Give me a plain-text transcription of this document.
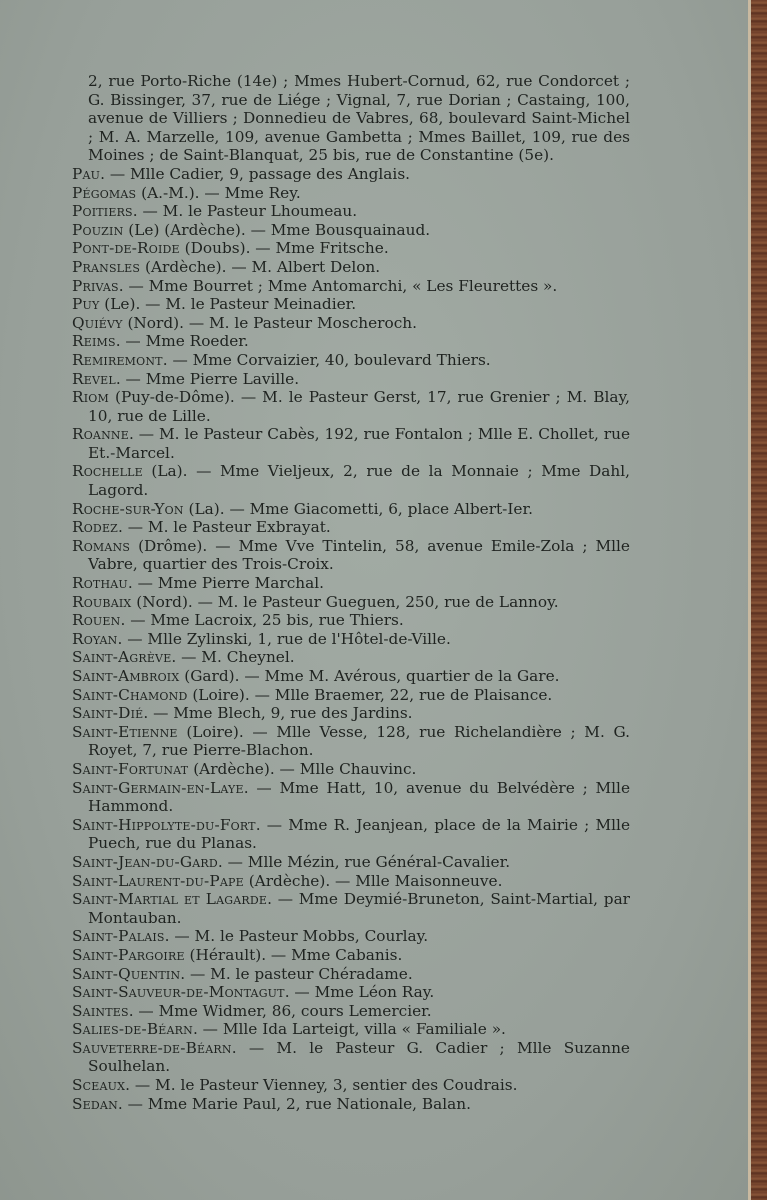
2, rue Porto-Riche (14e) ; Mmes Hubert-Cornud, 62, rue Condorcet ; G. Bissinger, 37, rue de Liége ; Vignal, 7, rue Dorian ; Castaing, 100, avenue de Villiers ; Donnedieu de Vabres, 68, boulevard Saint-Michel ; M. A. Marzelle, 109, avenue Gambetta ; Mmes Baillet, 109, rue des Moines ; de Saint-Blanquat, 25 bis, rue de Constantine (5e).
Pau. — Mlle Cadier, 9, passage des Anglais.
Pégomas (A.-M.). — Mme Rey.
Poitiers. — M. le Pasteur Lhoumeau.
Pouzin (Le) (Ardèche). — Mme Bousquainaud.
Pont-de-Roide (Doubs). — Mme Fritsche.
Pransles (Ardèche). — M. Albert Delon.
Privas. — Mme Bourret ; Mme Antomarchi, « Les Fleurettes ».
Puy (Le). — M. le Pasteur Meinadier.
Quiévy (Nord). — M. le Pasteur Moscheroch.
Reims. — Mme Roeder.
Remiremont. — Mme Corvaizier, 40, boulevard Thiers.
Revel. — Mme Pierre Laville.
Riom (Puy-de-Dôme). — M. le Pasteur Gerst, 17, rue Grenier ; M. Blay, 10, rue de Lille.
Roanne. — M. le Pasteur Cabès, 192, rue Fontalon ; Mlle E. Chollet, rue Et.-Marcel.
Rochelle (La). — Mme Vieljeux, 2, rue de la Monnaie ; Mme Dahl, Lagord.
Roche-sur-Yon (La). — Mme Giacometti, 6, place Albert-Ier.
Rodez. — M. le Pasteur Exbrayat.
Romans (Drôme). — Mme Vve Tintelin, 58, avenue Emile-Zola ; Mlle Vabre, quartier des Trois-Croix.
Rothau. — Mme Pierre Marchal.
Roubaix (Nord). — M. le Pasteur Gueguen, 250, rue de Lannoy.
Rouen. — Mme Lacroix, 25 bis, rue Thiers.
Royan. — Mlle Zylinski, 1, rue de l'Hôtel-de-Ville.
Saint-Agrève. — M. Cheynel.
Saint-Ambroix (Gard). — Mme M. Avérous, quartier de la Gare.
Saint-Chamond (Loire). — Mlle Braemer, 22, rue de Plaisance.
Saint-Dié. — Mme Blech, 9, rue des Jardins.
Saint-Etienne (Loire). — Mlle Vesse, 128, rue Richelandière ; M. G. Royet, 7, rue Pierre-Blachon.
Saint-Fortunat (Ardèche). — Mlle Chauvinc.
Saint-Germain-en-Laye. — Mme Hatt, 10, avenue du Belvédère ; Mlle Hammond.
Saint-Hippolyte-du-Fort. — Mme R. Jeanjean, place de la Mairie ; Mlle Puech, rue du Planas.
Saint-Jean-du-Gard. — Mlle Mézin, rue Général-Cavalier.
Saint-Laurent-du-Pape (Ardèche). — Mlle Maisonneuve.
Saint-Martial et Lagarde. — Mme Deymié-Bruneton, Saint-Martial, par Montauban.
Saint-Palais. — M. le Pasteur Mobbs, Courlay.
Saint-Pargoire (Hérault). — Mme Cabanis.
Saint-Quentin. — M. le pasteur Chéradame.
Saint-Sauveur-de-Montagut. — Mme Léon Ray.
Saintes. — Mme Widmer, 86, cours Lemercier.
Salies-de-Béarn. — Mlle Ida Larteigt, villa « Familiale ».
Sauveterre-de-Béarn. — M. le Pasteur G. Cadier ; Mlle Suzanne Soulhelan.
Sceaux. — M. le Pasteur Vienney, 3, sentier des Coudrais.
Sedan. — Mme Marie Paul, 2, rue Nationale, Balan.
